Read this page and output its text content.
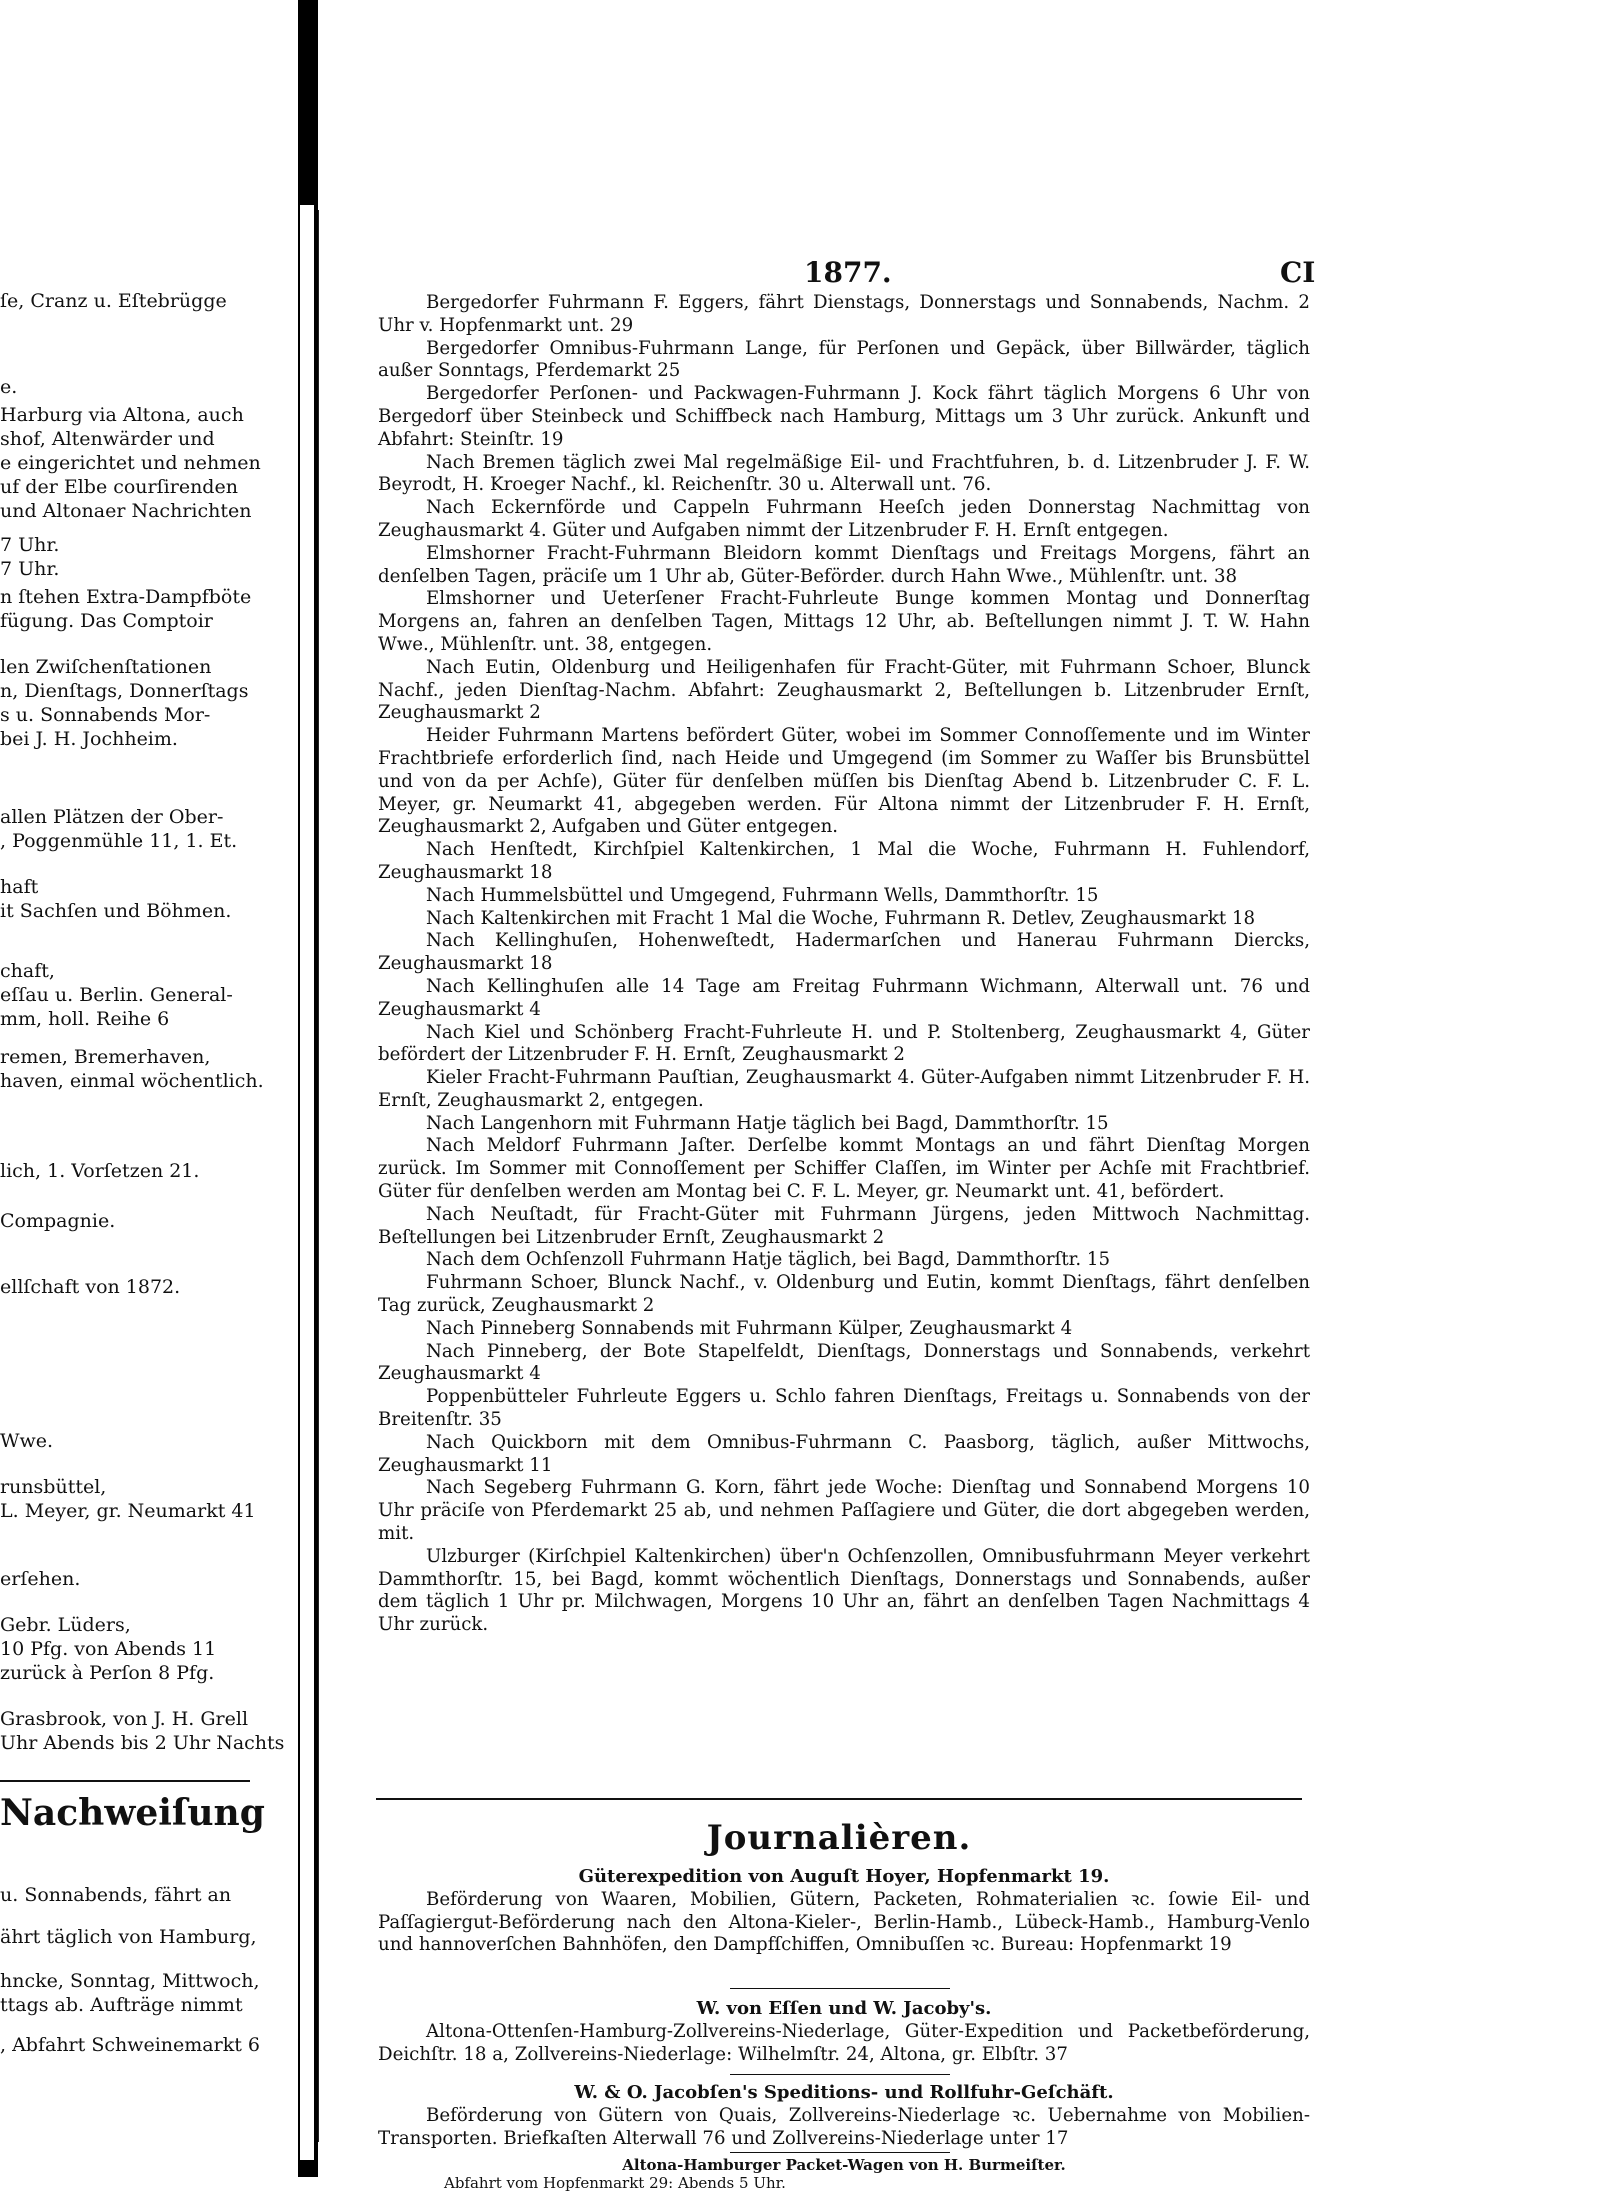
Nachweiſung
ſe, Cranz u. Eſtebrügge
e.
Harburg via Altona, auch
shof, Altenwärder und
e eingerichtet und nehmen
uf der Elbe courſirenden
und Altonaer Nachrichten
7 Uhr.
7 Uhr.
n ſtehen Extra-Dampfböte
fügung. Das Comptoir
len Zwiſchenſtationen
n, Dienſtags, Donnerſtags
s u. Sonnabends Mor-
bei J. H. Jochheim.
allen Plätzen der Ober-
, Poggenmühle 11, 1. Et.
haft
it Sachſen und Böhmen.
chaft,
eſſau u. Berlin. General-
mm, holl. Reihe 6
remen, Bremerhaven,
haven, einmal wöchentlich.
lich, 1. Vorſetzen 21.
Compagnie.
ellſchaft von 1872.
Wwe.
runsbüttel,
L. Meyer, gr. Neumarkt 41
erſehen.
Gebr. Lüders,
10 Pfg. von Abends 11
zurück à Perſon 8 Pfg.
Grasbrook, von J. H. Grell
Uhr Abends bis 2 Uhr Nachts
u. Sonnabends, fährt an
ährt täglich von Hamburg,
hncke, Sonntag, Mittwoch,
ttags ab. Aufträge nimmt
, Abfahrt Schweinemarkt 6
1877.	CI

Bergedorfer Fuhrmann F. Eggers, fährt Dienstags, Donnerstags und Sonnabends, Nachm. 2 Uhr v. Hopfenmarkt unt. 29

Bergedorfer Omnibus-Fuhrmann Lange, für Perſonen und Gepäck, über Billwärder, täglich außer Sonntags, Pferdemarkt 25

Bergedorfer Perſonen- und Packwagen-Fuhrmann J. Kock fährt täglich Morgens 6 Uhr von Bergedorf über Steinbeck und Schiffbeck nach Hamburg, Mittags um 3 Uhr zurück. Ankunft und Abfahrt: Steinſtr. 19

Nach Bremen täglich zwei Mal regelmäßige Eil- und Frachtfuhren, b. d. Litzenbruder J. F. W. Beyrodt, H. Kroeger Nachf., kl. Reichenſtr. 30 u. Alterwall unt. 76.

Nach Eckernförde und Cappeln Fuhrmann Heeſch jeden Donnerstag Nachmittag von Zeughausmarkt 4. Güter und Aufgaben nimmt der Litzenbruder F. H. Ernſt entgegen.

Elmshorner Fracht-Fuhrmann Bleidorn kommt Dienſtags und Freitags Morgens, fährt an denſelben Tagen, präciſe um 1 Uhr ab, Güter-Beförder. durch Hahn Wwe., Mühlenſtr. unt. 38

Elmshorner und Ueterſener Fracht-Fuhrleute Bunge kommen Montag und Donnerſtag Morgens an, fahren an denſelben Tagen, Mittags 12 Uhr, ab. Beſtellungen nimmt J. T. W. Hahn Wwe., Mühlenſtr. unt. 38, entgegen.

Nach Eutin, Oldenburg und Heiligenhafen für Fracht-Güter, mit Fuhrmann Schoer, Blunck Nachf., jeden Dienſtag-Nachm. Abfahrt: Zeughausmarkt 2, Beſtellungen b. Litzenbruder Ernſt, Zeughausmarkt 2

Heider Fuhrmann Martens befördert Güter, wobei im Sommer Connoſſemente und im Winter Frachtbriefe erforderlich ſind, nach Heide und Umgegend (im Sommer zu Waſſer bis Brunsbüttel und von da per Achſe), Güter für denſelben müſſen bis Dienſtag Abend b. Litzenbruder C. F. L. Meyer, gr. Neumarkt 41, abgegeben werden. Für Altona nimmt der Litzenbruder F. H. Ernſt, Zeughausmarkt 2, Aufgaben und Güter entgegen.

Nach Henſtedt, Kirchſpiel Kaltenkirchen, 1 Mal die Woche, Fuhrmann H. Fuhlendorf, Zeughausmarkt 18

Nach Hummelsbüttel und Umgegend, Fuhrmann Wells, Dammthorſtr. 15

Nach Kaltenkirchen mit Fracht 1 Mal die Woche, Fuhrmann R. Detlev, Zeughausmarkt 18

Nach Kellinghuſen, Hohenweſtedt, Hadermarſchen und Hanerau Fuhrmann Diercks, Zeughausmarkt 18

Nach Kellinghuſen alle 14 Tage am Freitag Fuhrmann Wichmann, Alterwall unt. 76 und Zeughausmarkt 4

Nach Kiel und Schönberg Fracht-Fuhrleute H. und P. Stoltenberg, Zeughausmarkt 4, Güter befördert der Litzenbruder F. H. Ernſt, Zeughausmarkt 2

Kieler Fracht-Fuhrmann Pauſtian, Zeughausmarkt 4. Güter-Aufgaben nimmt Litzenbruder F. H. Ernſt, Zeughausmarkt 2, entgegen.

Nach Langenhorn mit Fuhrmann Hatje täglich bei Bagd, Dammthorſtr. 15

Nach Meldorf Fuhrmann Jaſter. Derſelbe kommt Montags an und fährt Dienſtag Morgen zurück. Im Sommer mit Connoſſement per Schiffer Claſſen, im Winter per Achſe mit Frachtbrief. Güter für denſelben werden am Montag bei C. F. L. Meyer, gr. Neumarkt unt. 41, befördert.

Nach Neuſtadt, für Fracht-Güter mit Fuhrmann Jürgens, jeden Mittwoch Nachmittag. Beſtellungen bei Litzenbruder Ernſt, Zeughausmarkt 2

Nach dem Ochſenzoll Fuhrmann Hatje täglich, bei Bagd, Dammthorſtr. 15

Fuhrmann Schoer, Blunck Nachf., v. Oldenburg und Eutin, kommt Dienſtags, fährt denſelben Tag zurück, Zeughausmarkt 2

Nach Pinneberg Sonnabends mit Fuhrmann Külper, Zeughausmarkt 4

Nach Pinneberg, der Bote Stapelfeldt, Dienſtags, Donnerstags und Sonnabends, verkehrt Zeughausmarkt 4

Poppenbütteler Fuhrleute Eggers u. Schlo fahren Dienſtags, Freitags u. Sonnabends von der Breitenſtr. 35

Nach Quickborn mit dem Omnibus-Fuhrmann C. Paasborg, täglich, außer Mittwochs, Zeughausmarkt 11

Nach Segeberg Fuhrmann G. Korn, fährt jede Woche: Dienſtag und Sonnabend Morgens 10 Uhr präciſe von Pferdemarkt 25 ab, und nehmen Paſſagiere und Güter, die dort abgegeben werden, mit.

Ulzburger (Kirſchpiel Kaltenkirchen) über'n Ochſenzollen, Omnibusfuhrmann Meyer verkehrt Dammthorſtr. 15, bei Bagd, kommt wöchentlich Dienſtags, Donnerstags und Sonnabends, außer dem täglich 1 Uhr pr. Milchwagen, Morgens 10 Uhr an, fährt an denſelben Tagen Nachmittags 4 Uhr zurück.

Journalièren.
Güterexpedition von Auguſt Hoyer, Hopfenmarkt 19.

Beförderung von Waaren, Mobilien, Gütern, Packeten, Rohmaterialien ꝛc. ſowie Eil- und Paſſagiergut-Beförderung nach den Altona-Kieler-, Berlin-Hamb., Lübeck-Hamb., Hamburg-Venlo und hannoverſchen Bahnhöfen, den Dampfſchiffen, Omnibuſſen ꝛc. Bureau: Hopfenmarkt 19

W. von Eſſen und W. Jacoby's.

Altona-Ottenſen-Hamburg-Zollvereins-Niederlage, Güter-Expedition und Packetbeförderung, Deichſtr. 18 a, Zollvereins-Niederlage: Wilhelmſtr. 24, Altona, gr. Elbſtr. 37

W. & O. Jacobſen's Speditions- und Rollfuhr-Geſchäft.

Beförderung von Gütern von Quais, Zollvereins-Niederlage ꝛc. Uebernahme von Mobilien-Transporten. Briefkaſten Alterwall 76 und Zollvereins-Niederlage unter 17

Altona-Hamburger Packet-Wagen von H. Burmeiſter.
Abfahrt vom Hopfenmarkt 29: Abends 5 Uhr.
